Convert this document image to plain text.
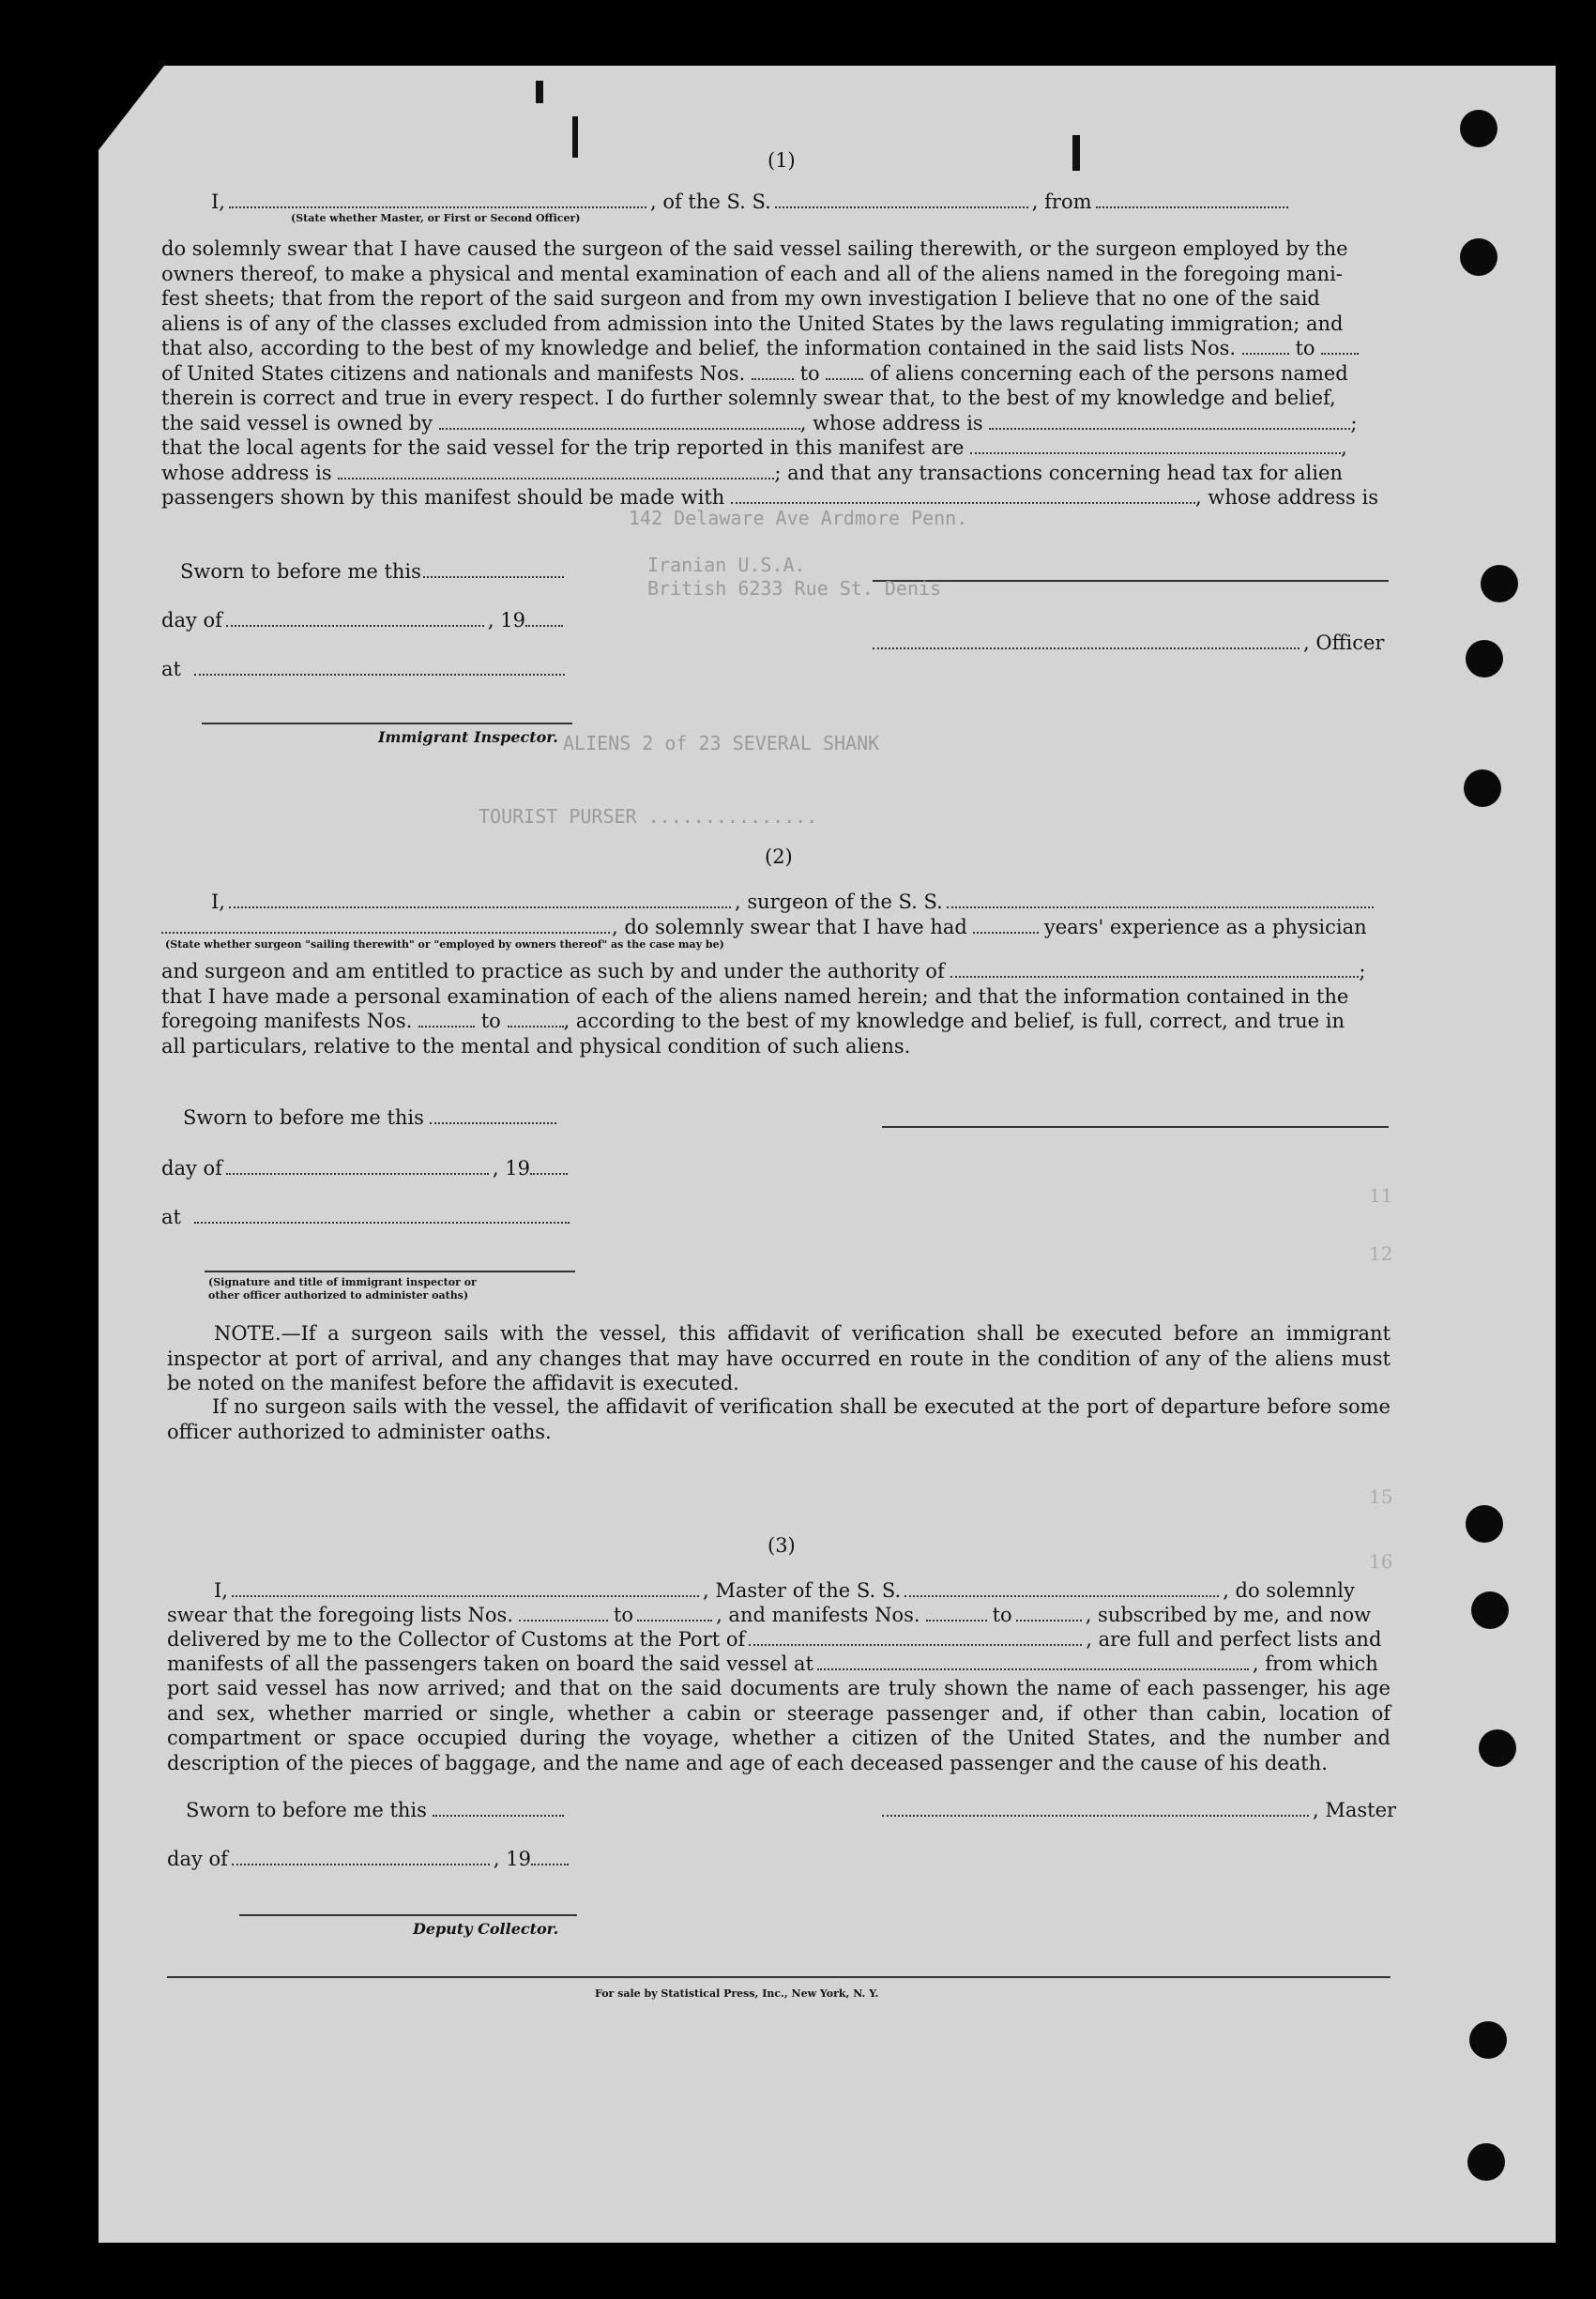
(1)
I,	, of the S. S.	, from
(State whether Master, or First or Second Officer)

do solemnly swear that I have caused the surgeon of the said vessel sailing therewith, or the surgeon employed by the

owners thereof, to make a physical and mental examination of each and all of the aliens named in the foregoing mani-

fest sheets; that from the report of the said surgeon and from my own investigation I believe that no one of the said

aliens is of any of the classes excluded from admission into the United States by the laws regulating immigration; and

that also, according to the best of my knowledge and belief, the information contained in the said lists Nos.	to

of United States citizens and nationals and manifests Nos.	to	of aliens concerning each of the persons named

therein is correct and true in every respect. I do further solemnly swear that, to the best of my knowledge and belief,

the said vessel is owned by	, whose address is	;

that the local agents for the said vessel for the trip reported in this manifest are	,

whose address is	; and that any transactions concerning head tax for alien

passengers shown by this manifest should be made with	, whose address is

Sworn to before me this
day of	, 19
at
Immigrant Inspector.
, Officer
142 Delaware Ave Ardmore Penn.
Iranian U.S.A.
British 6233 Rue St. Denis
ALIENS 2 of 23 SEVERAL SHANK
TOURIST PURSER ...............
(2)
I,	, surgeon of the S. S.
, do solemnly swear that I have had	years' experience as a physician
(State whether surgeon "sailing therewith" or "employed by owners thereof" as the case may be)

and surgeon and am entitled to practice as such by and under the authority of	;

that I have made a personal examination of each of the aliens named herein; and that the information contained in the

foregoing manifests Nos.	to	, according to the best of my knowledge and belief, is full, correct, and true in

all particulars, relative to the mental and physical condition of such aliens.

Sworn to before me this
day of	, 19
at
(Signature and title of immigrant inspector or
other officer authorized to administer oaths)

NOTE.—If a surgeon sails with the vessel, this affidavit of verification shall be executed before an immigrant inspector at port of arrival, and any changes that may have occurred en route in the condition of any of the aliens must be noted on the manifest before the affidavit is executed.

If no surgeon sails with the vessel, the affidavit of verification shall be executed at the port of departure before some officer authorized to administer oaths.

(3)
I,	, Master of the S. S.	, do solemnly
swear that the foregoing lists Nos.	to	, and manifests Nos.	to	, subscribed by me, and now
delivered by me to the Collector of Customs at the Port of	, are full and perfect lists and
manifests of all the passengers taken on board the said vessel at	, from which

port said vessel has now arrived; and that on the said documents are truly shown the name of each passenger, his age and sex, whether married or single, whether a cabin or steerage passenger and, if other than cabin, location of compartment or space occupied during the voyage, whether a citizen of the United States, and the number and description of the pieces of baggage, and the name and age of each deceased passenger and the cause of his death.

Sworn to before me this
day of	, 19
Deputy Collector.
, Master
For sale by Statistical Press, Inc., New York, N. Y.
11
12
15
16
